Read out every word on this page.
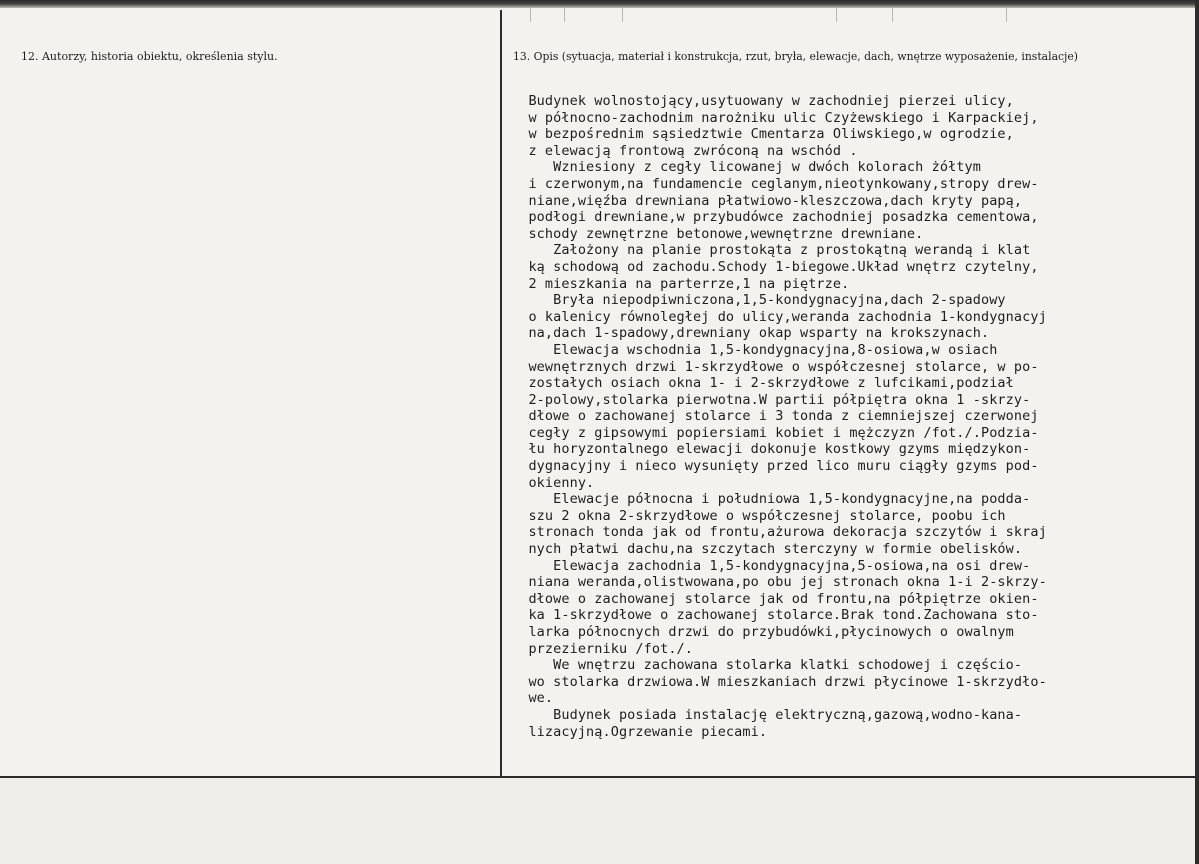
12. Autorzy, historia obiektu, określenia stylu.	13. Opis (sytuacja, materiał i konstrukcja, rzut, bryła, elewacje, dach, wnętrze wyposażenie, instalacje)
Budynek wolnostojący,usytuowany w zachodniej pierzei ulicy,
w północno-zachodnim narożniku ulic Czyżewskiego i Karpackiej,
w bezpośrednim sąsiedztwie Cmentarza Oliwskiego,w ogrodzie,
z elewacją frontową zwróconą na wschód .
Wzniesiony z cegły licowanej w dwóch kolorach żółtym
i czerwonym,na fundamencie ceglanym,nieotynkowany,stropy drew-
niane,więźba drewniana płatwiowo-kleszczowa,dach kryty papą,
podłogi drewniane,w przybudówce zachodniej posadzka cementowa,
schody zewnętrzne betonowe,wewnętrzne drewniane.
Założony na planie prostokąta z prostokątną werandą i klat
ką schodową od zachodu.Schody 1-biegowe.Układ wnętrz czytelny,
2 mieszkania na parterrze,1 na piętrze.
Bryła niepodpiwniczona,1,5-kondygnacyjna,dach 2-spadowy
o kalenicy równoległej do ulicy,weranda zachodnia 1-kondygnacyj
na,dach 1-spadowy,drewniany okap wsparty na krokszynach.
Elewacja wschodnia 1,5-kondygnacyjna,8-osiowa,w osiach
wewnętrznych drzwi 1-skrzydłowe o współczesnej stolarce, w po-
zostałych osiach okna 1- i 2-skrzydłowe z lufcikami,podział
2-polowy,stolarka pierwotna.W partii półpiętra okna 1 -skrzy-
dłowe o zachowanej stolarce i 3 tonda z ciemniejszej czerwonej
cegły z gipsowymi popiersiami kobiet i mężczyzn /fot./.Podzia-
łu horyzontalnego elewacji dokonuje kostkowy gzyms międzykon-
dygnacyjny i nieco wysunięty przed lico muru ciągły gzyms pod-
okienny.
Elewacje północna i południowa 1,5-kondygnacyjne,na podda-
szu 2 okna 2-skrzydłowe o współczesnej stolarce, poobu ich
stronach tonda jak od frontu,ażurowa dekoracja szczytów i skraj
nych płatwi dachu,na szczytach sterczyny w formie obelisków.
Elewacja zachodnia 1,5-kondygnacyjna,5-osiowa,na osi drew-
niana weranda,olistwowana,po obu jej stronach okna 1-i 2-skrzy-
dłowe o zachowanej stolarce jak od frontu,na półpiętrze okien-
ka 1-skrzydłowe o zachowanej stolarce.Brak tond.Zachowana sto-
larka północnych drzwi do przybudówki,płycinowych o owalnym
przezierniku /fot./.
We wnętrzu zachowana stolarka klatki schodowej i częścio-
wo stolarka drzwiowa.W mieszkaniach drzwi płycinowe 1-skrzydło-
we.
Budynek posiada instalację elektryczną,gazową,wodno-kana-
lizacyjną.Ogrzewanie piecami.
